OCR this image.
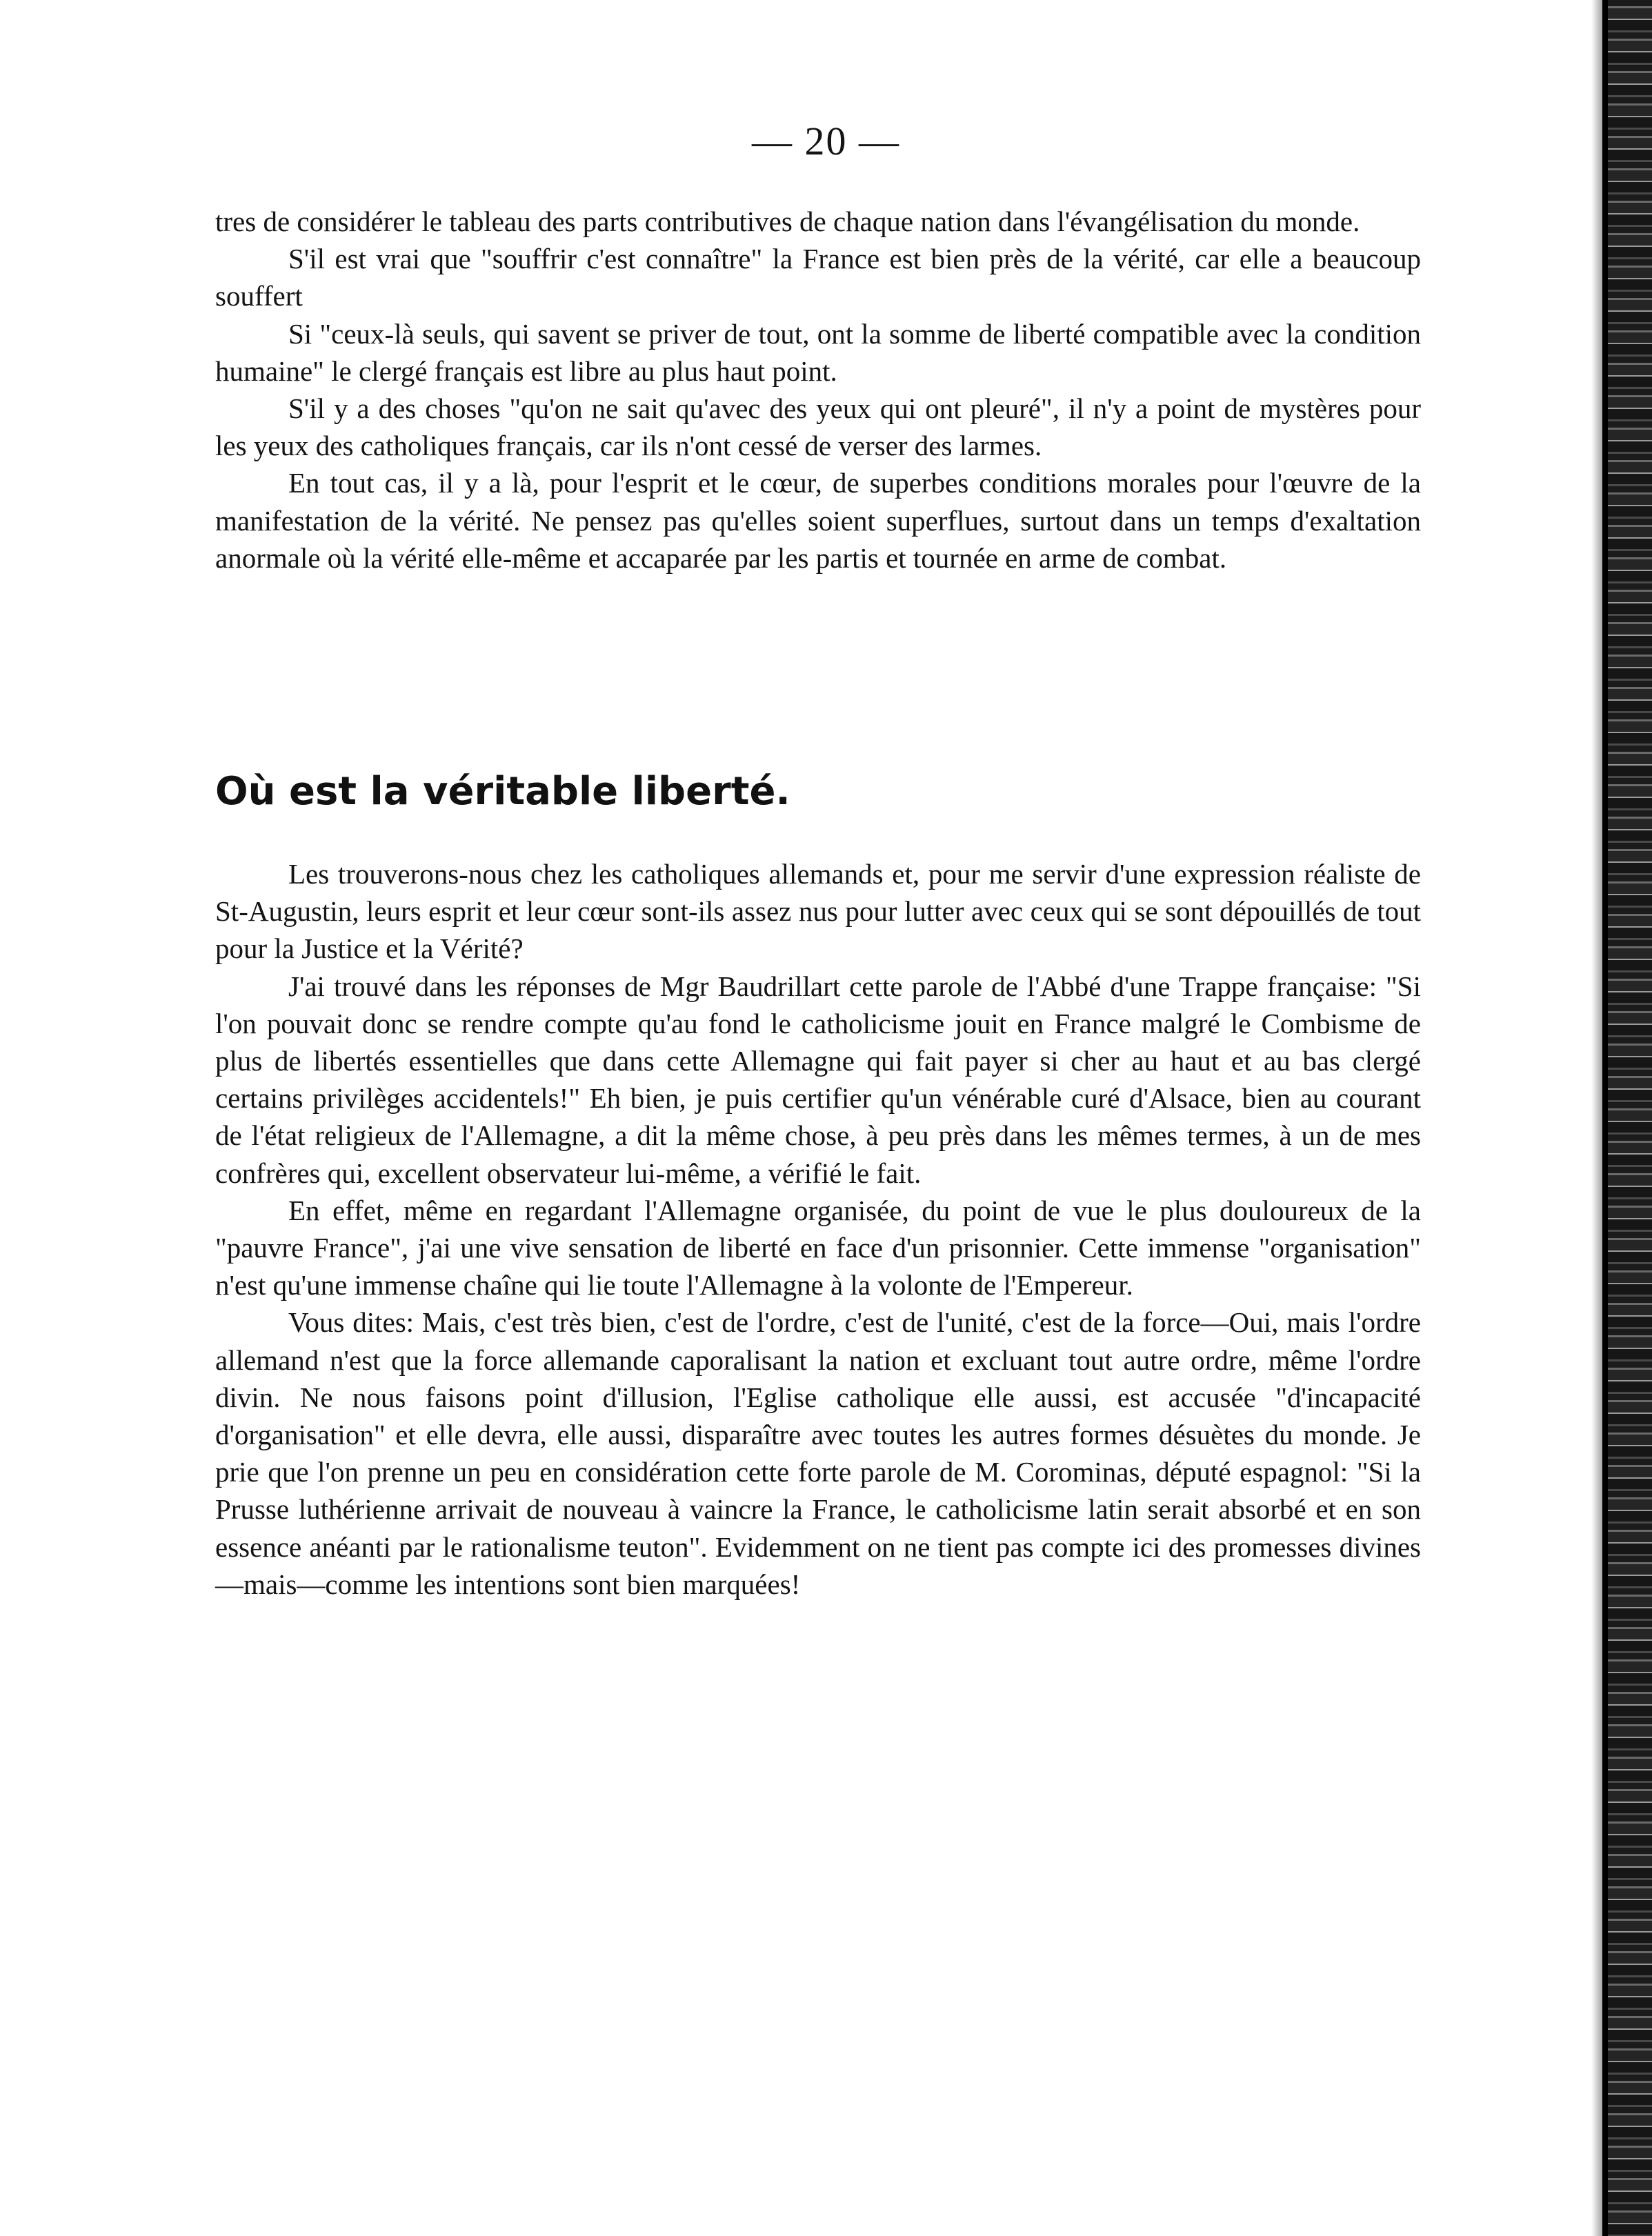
— 20 —

tres de considérer le tableau des parts contributives de chaque nation dans l'évangélisation du monde.

S'il est vrai que "souffrir c'est connaître" la France est bien près de la vérité, car elle a beaucoup souffert

Si "ceux-là seuls, qui savent se priver de tout, ont la somme de liberté compatible avec la condition humaine" le clergé français est libre au plus haut point.

S'il y a des choses "qu'on ne sait qu'avec des yeux qui ont pleuré", il n'y a point de mystères pour les yeux des catholiques français, car ils n'ont cessé de verser des larmes.

En tout cas, il y a là, pour l'esprit et le cœur, de superbes conditions morales pour l'œuvre de la manifestation de la vérité. Ne pensez pas qu'elles soient superflues, surtout dans un temps d'exaltation anormale où la vérité elle-même et accaparée par les partis et tournée en arme de combat.

Où est la véritable liberté.

Les trouverons-nous chez les catholiques allemands et, pour me servir d'une expression réaliste de St-Augustin, leurs esprit et leur cœur sont-ils assez nus pour lutter avec ceux qui se sont dépouillés de tout pour la Justice et la Vérité?

J'ai trouvé dans les réponses de Mgr Baudrillart cette parole de l'Abbé d'une Trappe française: "Si l'on pouvait donc se rendre compte qu'au fond le catholicisme jouit en France malgré le Combisme de plus de libertés essentielles que dans cette Allemagne qui fait payer si cher au haut et au bas clergé certains privilèges accidentels!" Eh bien, je puis certifier qu'un vénérable curé d'Alsace, bien au courant de l'état religieux de l'Allemagne, a dit la même chose, à peu près dans les mêmes termes, à un de mes confrères qui, excellent observateur lui-même, a vérifié le fait.

En effet, même en regardant l'Allemagne organisée, du point de vue le plus douloureux de la "pauvre France", j'ai une vive sensation de liberté en face d'un prisonnier. Cette immense "organisation" n'est qu'une immense chaîne qui lie toute l'Allemagne à la volonte de l'Empereur.

Vous dites: Mais, c'est très bien, c'est de l'ordre, c'est de l'unité, c'est de la force—Oui, mais l'ordre allemand n'est que la force allemande caporalisant la nation et excluant tout autre ordre, même l'ordre divin. Ne nous faisons point d'illusion, l'Eglise catholique elle aussi, est accusée "d'incapacité d'organisation" et elle devra, elle aussi, disparaître avec toutes les autres formes désuètes du monde. Je prie que l'on prenne un peu en considération cette forte parole de M. Corominas, député espagnol: "Si la Prusse luthérienne arrivait de nouveau à vaincre la France, le catholicisme latin serait absorbé et en son essence anéanti par le rationalisme teuton". Evidemment on ne tient pas compte ici des promesses divines—mais—comme les intentions sont bien marquées!
